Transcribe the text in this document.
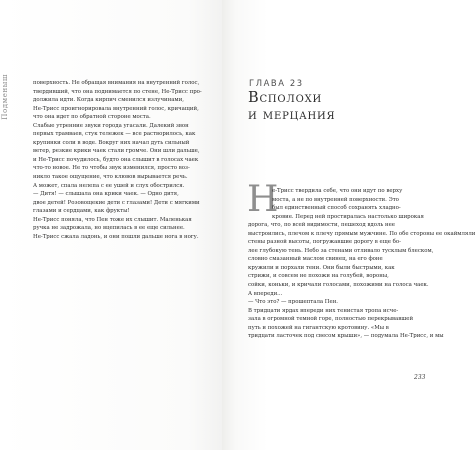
Подменыш	поверхность. Не обращая внимания на внутренний голос,
твердивший, что она поднимается по стене, Не-Трисс про-
должила идти. Когда кирпич сменился излучинами,
Не-Трисс проигнорировала внутренний голос, кричащий,
что она идет по обратной стороне моста.
Слабые утренние звуки города угасали. Далекий звон
первых трамваев, стук тележек — все растворилось, как
крупинки соли в воде. Вокруг них начал дуть сильный
ветер, резкие крики чаек стали громче. Они шли дальше,
и Не-Трисс почудилось, будто она слышит в голосах чаек
что-то новое. Не то чтобы звук изменился, просто воз-
никло такое ощущение, что клювов вырывается речь.
А может, спала нелепа с ее ушей и слух обострился.
— Дитя! — слышала она крики чаек. — Одно дитя,
двое детей! Розовощекие дети с глазами! Дети с мягкими
глазами и сердцами, как фрукты!
Не-Трисс поняла, что Пен тоже их слышит. Маленькая
ручка не задрожала, но вцепилась в ее еще сильнее.
Не-Трисс сжала ладонь, и они пошли дальше нога в ногу.
ГЛАВА 23
Всполохи
и мерцания
Н
е-Трисс твердила себе, что они идут по верху
моста, а не по внутренней поверхности. Это
был единственный способ сохранять хладно-
кровие. Перед ней простиралась настолько широкая
дорога, что, по всей видимости, пешеход вдоль нее
выстроились, плечом к плечу прямым мужчине. По обе стороны ее окаймляли
стены разной высоты, погружавшие дорогу в еще бо-
лее глубокую тень. Небо за стенами отливало тусклым блеском,
словно смазанный маслом свинец, на его фоне
кружили и порхали тени. Они были быстрыми, как
стрижи, и совсем не похожи на голубей, вороны,
сойки, коньки, и кричали голосами, похожими на голоса чаек.
А впереди...
— Что это? — прошептала Пен.
В тридцати ярдах впереди них тенистая тропа исче-
зала в огромной темной горе, полностью перекрывавшей
путь и похожей на гигантскую кротовину. «Мы в
тридцати ласточек под свесом крыши», — подумала Не-Трисс, и мы
233
